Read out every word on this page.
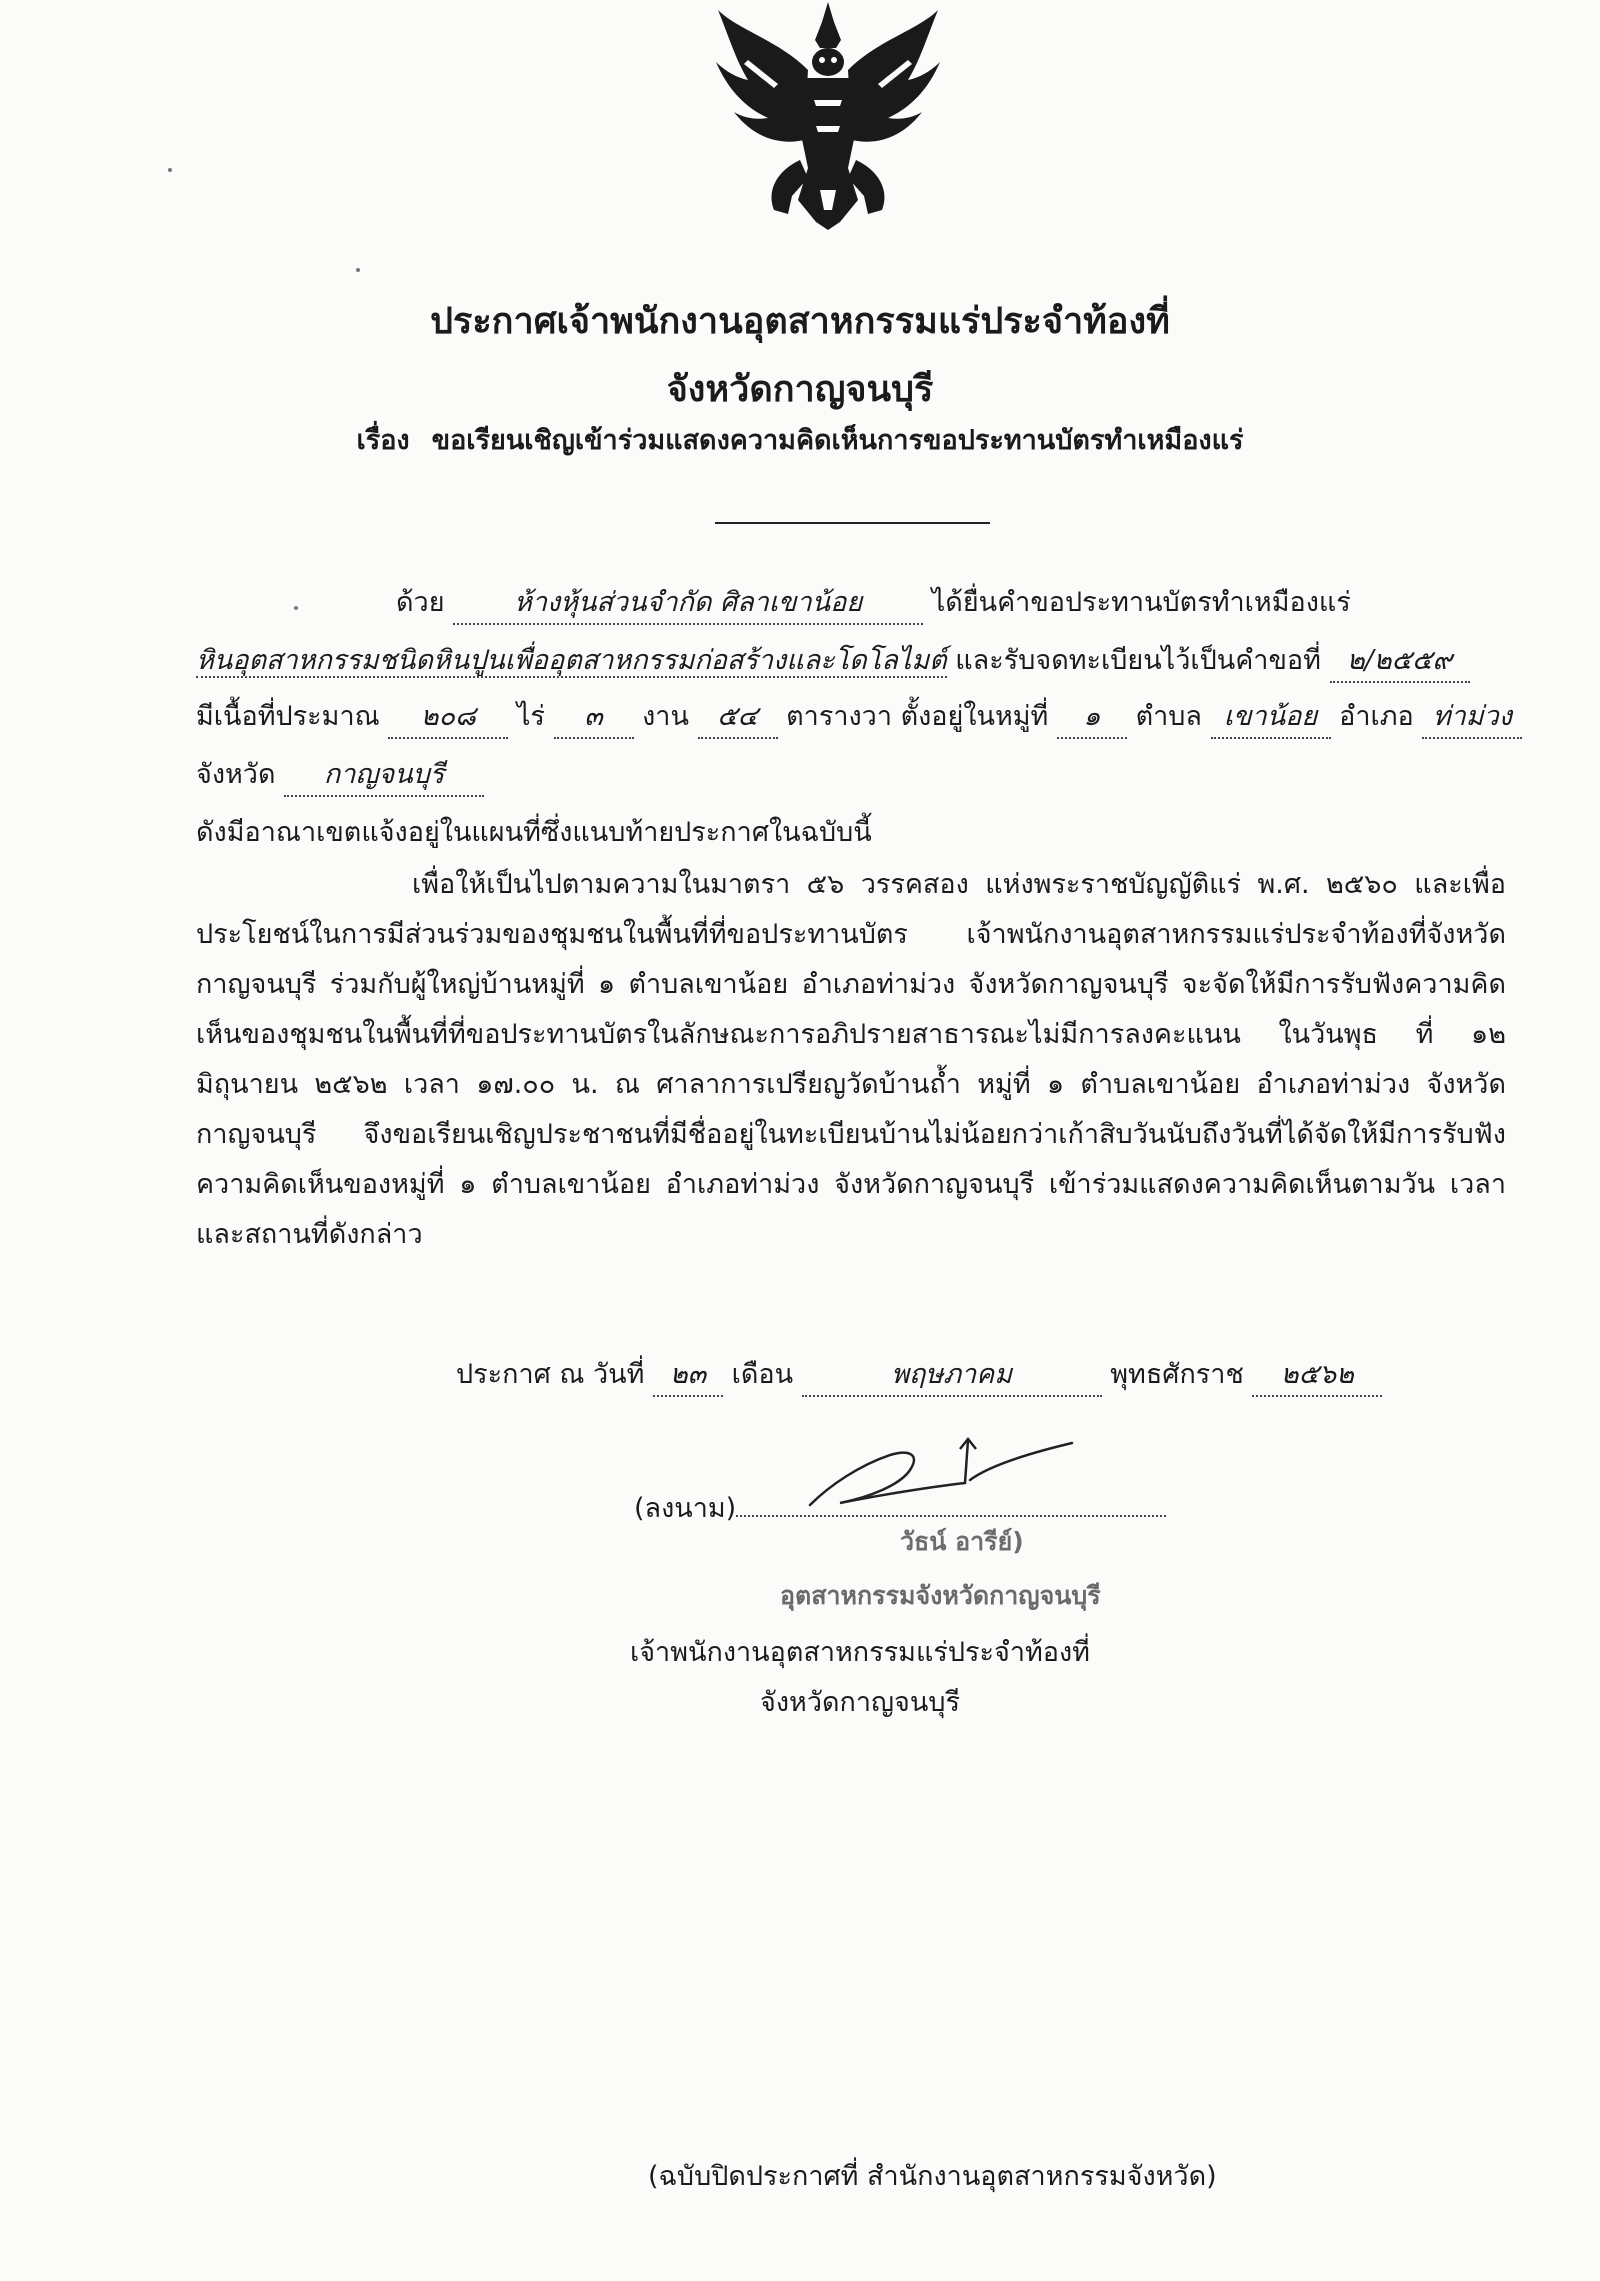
ประกาศเจ้าพนักงานอุตสาหกรรมแร่ประจำท้องที่
จังหวัดกาญจนบุรี
เรื่อง ขอเรียนเชิญเข้าร่วมแสดงความคิดเห็นการขอประทานบัตรทำเหมืองแร่
ด้วย	ห้างหุ้นส่วนจำกัด ศิลาเขาน้อย	ได้ยื่นคำขอประทานบัตรทำเหมืองแร่
หินอุตสาหกรรมชนิดหินปูนเพื่ออุตสาหกรรมก่อสร้างและโดโลไมต์ และรับจดทะเบียนไว้เป็นคำขอที่ ๒/๒๕๕๙
มีเนื้อที่ประมาณ ๒๐๘ ไร่ ๓ งาน ๕๔ ตารางวา ตั้งอยู่ในหมู่ที่ ๑ ตำบล เขาน้อย อำเภอ ท่าม่วง
จังหวัด กาญจนบุรี
ดังมีอาณาเขตแจ้งอยู่ในแผนที่ซึ่งแนบท้ายประกาศในฉบับนี้
เพื่อให้เป็นไปตามความในมาตรา ๕๖ วรรคสอง แห่งพระราชบัญญัติแร่ พ.ศ. ๒๕๖๐ และเพื่อประโยชน์ในการมีส่วนร่วมของชุมชนในพื้นที่ที่ขอประทานบัตร เจ้าพนักงานอุตสาหกรรมแร่ประจำท้องที่จังหวัดกาญจนบุรี ร่วมกับผู้ใหญ่บ้านหมู่ที่ ๑ ตำบลเขาน้อย อำเภอท่าม่วง จังหวัดกาญจนบุรี จะจัดให้มีการรับฟังความคิดเห็นของชุมชนในพื้นที่ที่ขอประทานบัตรในลักษณะการอภิปรายสาธารณะไม่มีการลงคะแนน ในวันพุธ ที่ ๑๒ มิถุนายน ๒๕๖๒ เวลา ๑๗.๐๐ น. ณ ศาลาการเปรียญวัดบ้านถ้ำ หมู่ที่ ๑ ตำบลเขาน้อย อำเภอท่าม่วง จังหวัดกาญจนบุรี จึงขอเรียนเชิญประชาชนที่มีชื่ออยู่ในทะเบียนบ้านไม่น้อยกว่าเก้าสิบวันนับถึงวันที่ได้จัดให้มีการรับฟังความคิดเห็นของหมู่ที่ ๑ ตำบลเขาน้อย อำเภอท่าม่วง จังหวัดกาญจนบุรี เข้าร่วมแสดงความคิดเห็นตามวัน เวลา และสถานที่ดังกล่าว
ประกาศ ณ วันที่ ๒๓ เดือน	พฤษภาคม	พุทธศักราช ๒๕๖๒
(ลงนาม)
วัธน์ อารีย์)
อุตสาหกรรมจังหวัดกาญจนบุรี
เจ้าพนักงานอุตสาหกรรมแร่ประจำท้องที่
จังหวัดกาญจนบุรี
(ฉบับปิดประกาศที่ สำนักงานอุตสาหกรรมจังหวัด)
